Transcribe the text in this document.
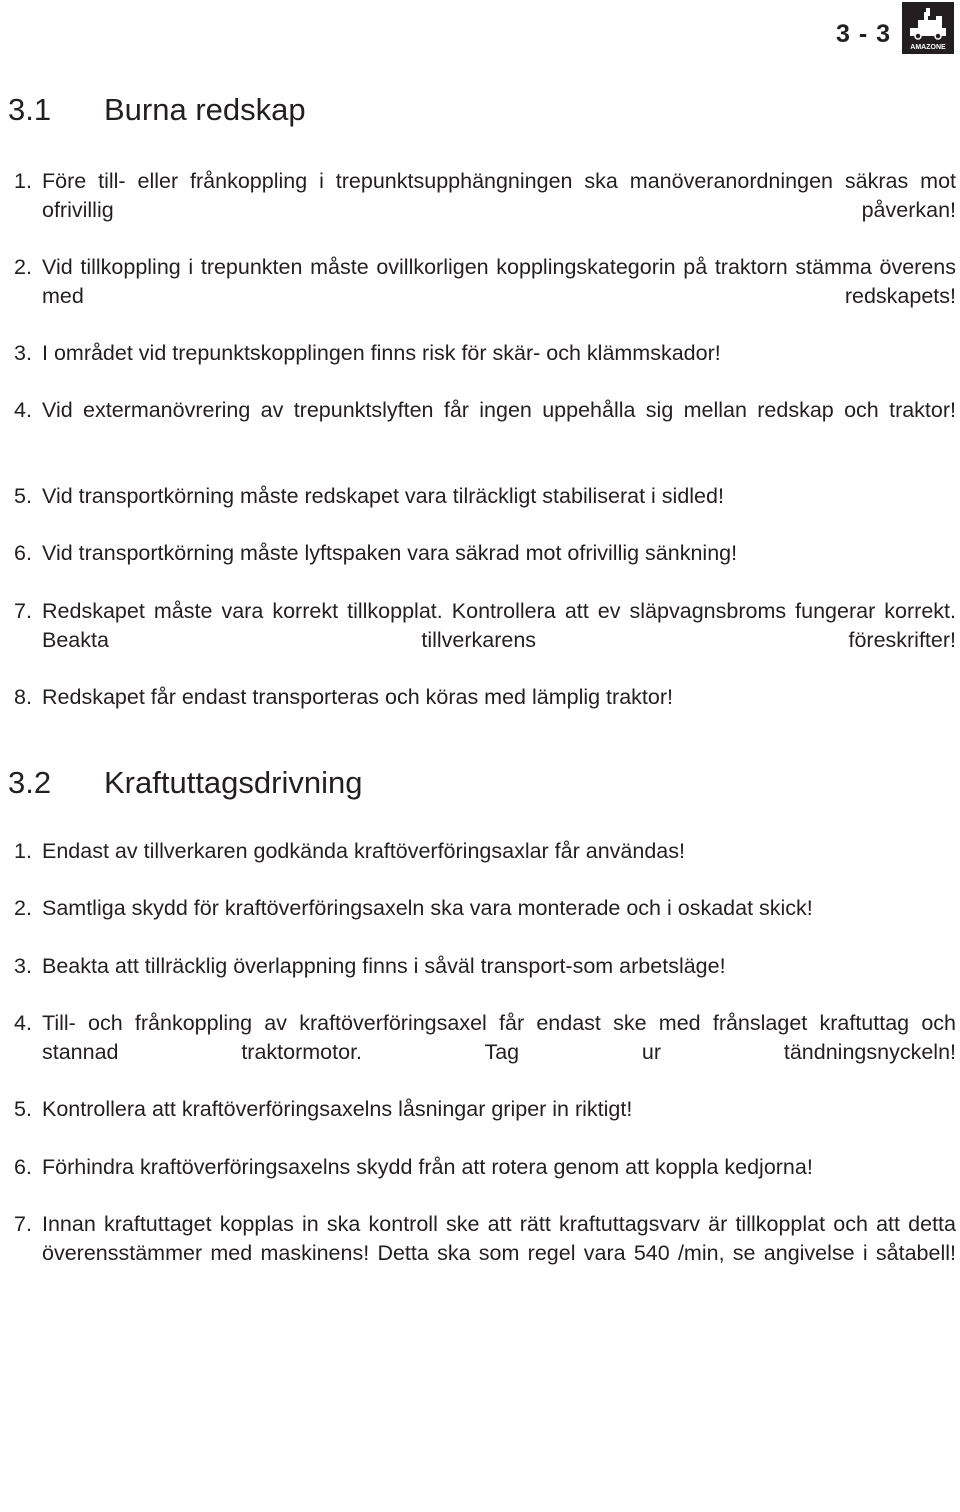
3 - 3	AMAZONE
3.1 Burna redskap
1. Före till- eller frånkoppling i trepunktsupphängningen ska manöveranordningen säkras mot ofrivillig påverkan!
2. Vid tillkoppling i trepunkten måste ovillkorligen kopplingskategorin på traktorn stämma överens med redskapets!
3. I området vid trepunktskopplingen finns risk för skär- och klämmskador!
4. Vid extermanövrering av trepunktslyften får ingen uppehålla sig mellan redskap och traktor!
5. Vid transportkörning måste redskapet vara tilräckligt stabiliserat i sidled!
6. Vid transportkörning måste lyftspaken vara säkrad mot ofrivillig sänkning!
7. Redskapet måste vara korrekt tillkopplat. Kontrollera att ev släpvagnsbroms fungerar korrekt. Beakta tillverkarens föreskrifter!
8. Redskapet får endast transporteras och köras med lämplig traktor!
3.2 Kraftuttagsdrivning
1. Endast av tillverkaren godkända kraftöverföringsaxlar får användas!
2. Samtliga skydd för kraftöverföringsaxeln ska vara monterade och i oskadat skick!
3. Beakta att tillräcklig överlappning finns i såväl transport-som arbetsläge!
4. Till- och frånkoppling av kraftöverföringsaxel får endast ske med frånslaget kraftuttag och stannad traktormotor. Tag ur tändningsnyckeln!
5. Kontrollera att kraftöverföringsaxelns låsningar griper in riktigt!
6. Förhindra kraftöverföringsaxelns skydd från att rotera genom att koppla kedjorna!
7. Innan kraftuttaget kopplas in ska kontroll ske att rätt kraftuttagsvarv är tillkopplat och att detta överensstämmer med maskinens! Detta ska som regel vara 540 /min, se angivelse i såtabell!
